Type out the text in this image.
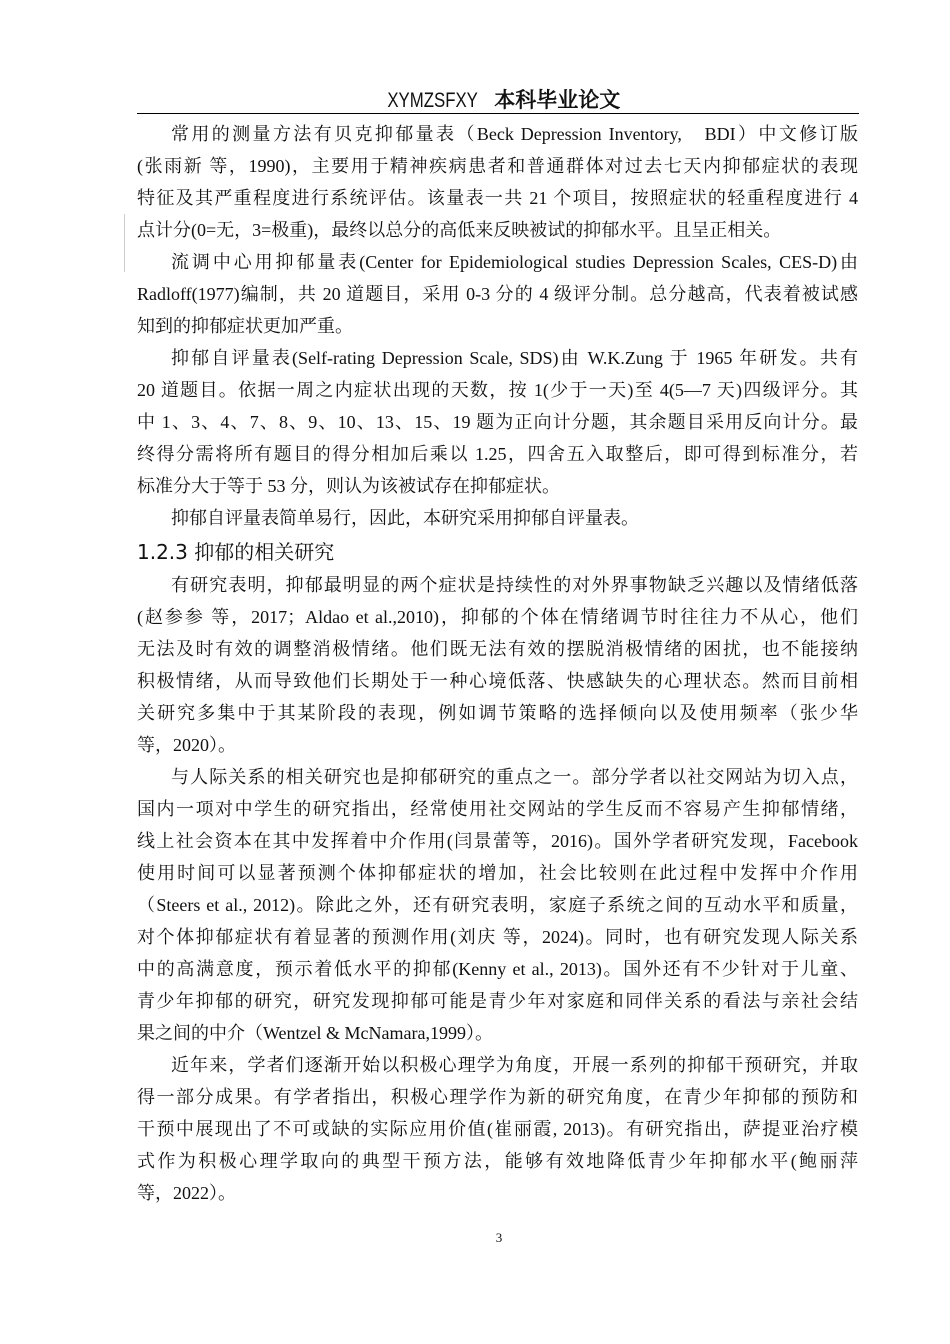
XYMZSFXY 本科毕业论文
常用的测量方法有贝克抑郁量表（Beck Depression Inventory,　BDI）中文修订版
(张雨新 等，1990)，主要用于精神疾病患者和普通群体对过去七天内抑郁症状的表现
特征及其严重程度进行系统评估。该量表一共 21 个项目，按照症状的轻重程度进行 4
点计分(0=无，3=极重)，最终以总分的高低来反映被试的抑郁水平。且呈正相关。
流调中心用抑郁量表(Center for Epidemiological studies Depression Scales, CES-D)由
Radloff(1977)编制，共 20 道题目，采用 0-3 分的 4 级评分制。总分越高，代表着被试感
知到的抑郁症状更加严重。
抑郁自评量表(Self-rating Depression Scale, SDS)由 W.K.Zung 于 1965 年研发。共有
20 道题目。依据一周之内症状出现的天数，按 1(少于一天)至 4(5—7 天)四级评分。其
中 1、3、4、7、8、9、10、13、15、19 题为正向计分题，其余题目采用反向计分。最
终得分需将所有题目的得分相加后乘以 1.25，四舍五入取整后，即可得到标准分，若
标准分大于等于 53 分，则认为该被试存在抑郁症状。
抑郁自评量表简单易行，因此，本研究采用抑郁自评量表。
1.2.3 抑郁的相关研究
有研究表明，抑郁最明显的两个症状是持续性的对外界事物缺乏兴趣以及情绪低落
(赵参参 等，2017；Aldao et al.,2010)，抑郁的个体在情绪调节时往往力不从心，他们
无法及时有效的调整消极情绪。他们既无法有效的摆脱消极情绪的困扰，也不能接纳
积极情绪，从而导致他们长期处于一种心境低落、快感缺失的心理状态。然而目前相
关研究多集中于其某阶段的表现，例如调节策略的选择倾向以及使用频率（张少华
等，2020）。
与人际关系的相关研究也是抑郁研究的重点之一。部分学者以社交网站为切入点，
国内一项对中学生的研究指出，经常使用社交网站的学生反而不容易产生抑郁情绪，
线上社会资本在其中发挥着中介作用(闫景蕾等，2016)。国外学者研究发现，Facebook
使用时间可以显著预测个体抑郁症状的增加，社会比较则在此过程中发挥中介作用
（Steers et al., 2012)。除此之外，还有研究表明，家庭子系统之间的互动水平和质量，
对个体抑郁症状有着显著的预测作用(刘庆 等，2024)。同时，也有研究发现人际关系
中的高满意度，预示着低水平的抑郁(Kenny et al., 2013)。国外还有不少针对于儿童、
青少年抑郁的研究，研究发现抑郁可能是青少年对家庭和同伴关系的看法与亲社会结
果之间的中介（Wentzel & McNamara,1999）。
近年来，学者们逐渐开始以积极心理学为角度，开展一系列的抑郁干预研究，并取
得一部分成果。有学者指出，积极心理学作为新的研究角度，在青少年抑郁的预防和
干预中展现出了不可或缺的实际应用价值(崔丽霞, 2013)。有研究指出，萨提亚治疗模
式作为积极心理学取向的典型干预方法，能够有效地降低青少年抑郁水平(鲍丽萍
等，2022）。
3
